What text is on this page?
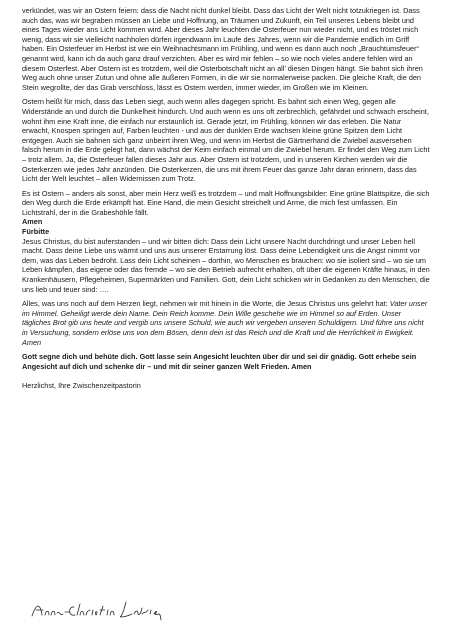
verkündet, was wir an Ostern feiern: dass die Nacht nicht dunkel bleibt. Dass das Licht der Welt nicht totzukriegen ist. Dass auch das, was wir begraben müssen an Liebe und Hoffnung, an Träumen und Zukunft, ein Teil unseres Lebens bleibt und eines Tages wieder ans Licht kommen wird. Aber dieses Jahr leuchten die Osterfeuer nun wieder nicht, und es tröstet mich wenig, dass wir sie vielleicht nachholen dürfen irgendwann im Laufe des Jahres, wenn wir die Pandemie endlich im Griff haben. Ein Osterfeuer im Herbst ist wie ein Weihnachtsmann im Frühling, und wenn es dann auch noch „Brauchtumsfeuer“ genannt wird, kann ich da auch ganz drauf verzichten. Aber es wird mir fehlen – so wie noch vieles andere fehlen wird an diesem Osterfest. Aber Ostern ist es trotzdem, weil die Osterbotschaft nicht an all’ diesen Dingen hängt. Sie bahnt sich ihren Weg auch ohne unser Zutun und ohne alle äußeren Formen, in die wir sie normalerweise packen. Die gleiche Kraft, die den Stein wegrollte, der das Grab verschloss, lässt es Ostern werden, immer wieder, im Großen wie im Kleinen.

Ostern heißt für mich, dass das Leben siegt, auch wenn alles dagegen spricht. Es bahnt sich einen Weg, gegen alle Widerstände an und durch die Dunkelheit hindurch. Und auch wenn es uns oft zerbrechlich, gefährdet und schwach erscheint, wohnt ihm eine Kraft inne, die einfach nur erstaunlich ist. Gerade jetzt, im Frühling, können wir das erleben. Die Natur erwacht, Knospen springen auf, Farben leuchten - und aus der dunklen Erde wachsen kleine grüne Spitzen dem Licht entgegen. Auch sie bahnen sich ganz unbeirrt ihren Weg, und wenn im Herbst die Gärtnerhand die Zwiebel ausversehen falsch herum in die Erde gelegt hat, dann wächst der Keim einfach einmal um die Zwiebel herum. Er findet den Weg zum Licht – trotz allem. Ja, die Osterfeuer fallen dieses Jahr aus. Aber Ostern ist trotzdem, und in unseren Kirchen werden wir die Osterkerzen wie jedes Jahr anzünden. Die Osterkerzen, die uns mit ihrem Feuer das ganze Jahr daran erinnern, dass das Licht der Welt leuchtet – allen Widernissen zum Trotz.

Es ist Ostern – anders als sonst, aber mein Herz weiß es trotzdem – und malt Hoffnungsbilder: Eine grüne Blattspitze, die sich den Weg durch die Erde erkämpft hat. Eine Hand, die mein Gesicht streichelt und Arme, die mich fest umfassen. Ein Lichtstrahl, der in die Grabeshöhle fällt.

Amen

Fürbitte

Jesus Christus, du bist auferstanden – und wir bitten dich: Dass dein Licht unsere Nacht durchdringt und unser Leben hell macht. Dass deine Liebe uns wärmt und uns aus unserer Erstarrung löst. Dass deine Lebendigkeit uns die Angst nimmt vor dem, was das Leben bedroht. Lass dein Licht scheinen – dorthin, wo Menschen es brauchen: wo sie isoliert sind – wo sie um Leben kämpfen, das eigene oder das fremde – wo sie den Betrieb aufrecht erhalten, oft über die eigenen Kräfte hinaus, in den Krankenhäusern, Pflegeheimen, Supermärkten und Familien. Gott, dein Licht schicken wir in Gedanken zu den Menschen, die uns lieb und teuer sind: ….

Alles, was uns noch auf dem Herzen liegt, nehmen wir mit hinein in die Worte, die Jesus Christus uns gelehrt hat: Vater unser im Himmel. Geheiligt werde dein Name. Dein Reich komme. Dein Wille geschehe wie im Himmel so auf Erden. Unser tägliches Brot gib uns heute und vergib uns unsere Schuld, wie auch wir vergeben unseren Schuldigern. Und führe uns nicht in Versuchung, sondern erlöse uns von dem Bösen, denn dein ist das Reich und die Kraft und die Herrlichkeit in Ewigkeit. Amen

Gott segne dich und behüte dich. Gott lasse sein Angesicht leuchten über dir und sei dir gnädig. Gott erhebe sein Angesicht auf dich und schenke dir – und mit dir seiner ganzen Welt Frieden. Amen

Herzlichst, Ihre Zwischenzeitpastorin
